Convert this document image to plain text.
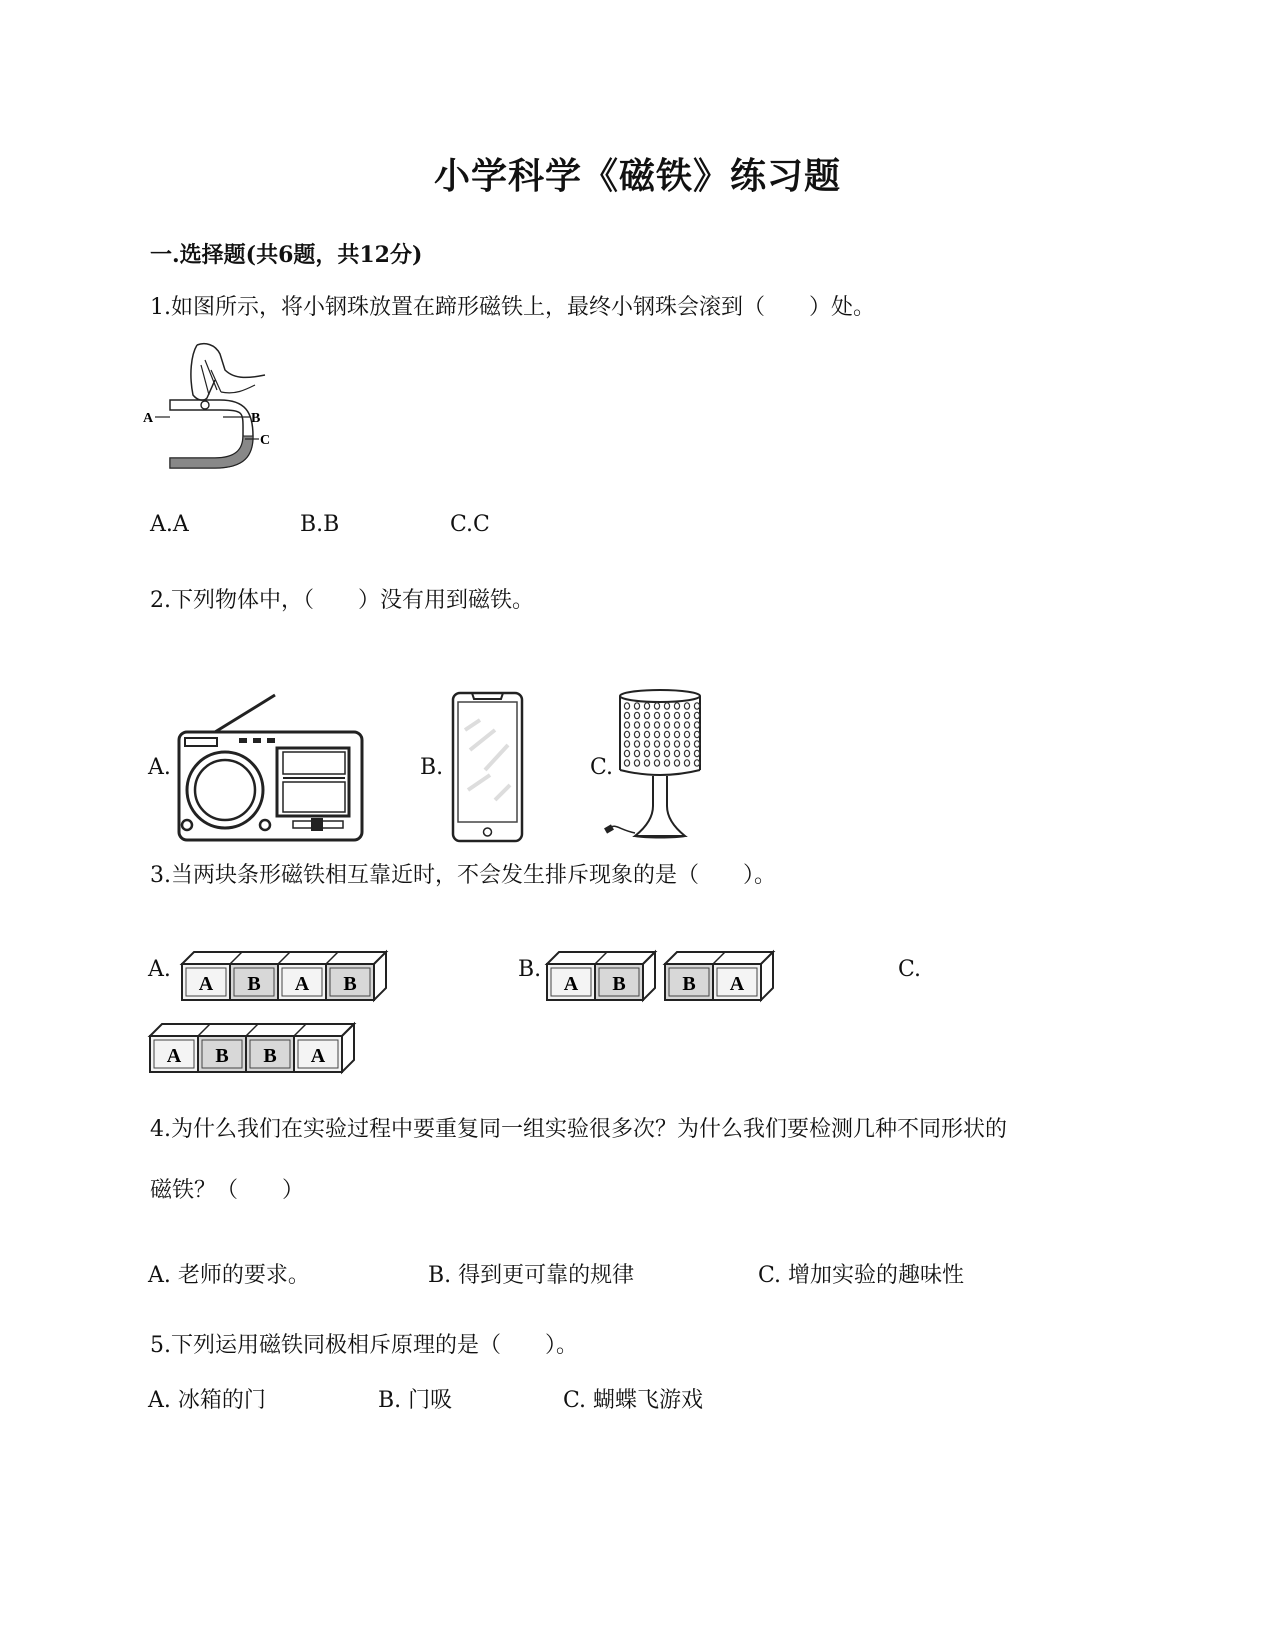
小学科学《磁铁》练习题
一.选择题(共6题，共12分)
1.如图所示，将小钢珠放置在蹄形磁铁上，最终小钢珠会滚到（　　）处。
A	B
C
A.A	B.B	C.C
2.下列物体中，（　　）没有用到磁铁。
A.	B.	C.
3.当两块条形磁铁相互靠近时，不会发生排斥现象的是（　　）。
A.
A B A B
B.
A B	B A
C.
A B B A
4.为什么我们在实验过程中要重复同一组实验很多次？为什么我们要检测几种不同形状的
磁铁？（　　）
A. 老师的要求。	B. 得到更可靠的规律	C. 增加实验的趣味性
5.下列运用磁铁同极相斥原理的是（　　）。
A. 冰箱的门	B. 门吸	C. 蝴蝶飞游戏
